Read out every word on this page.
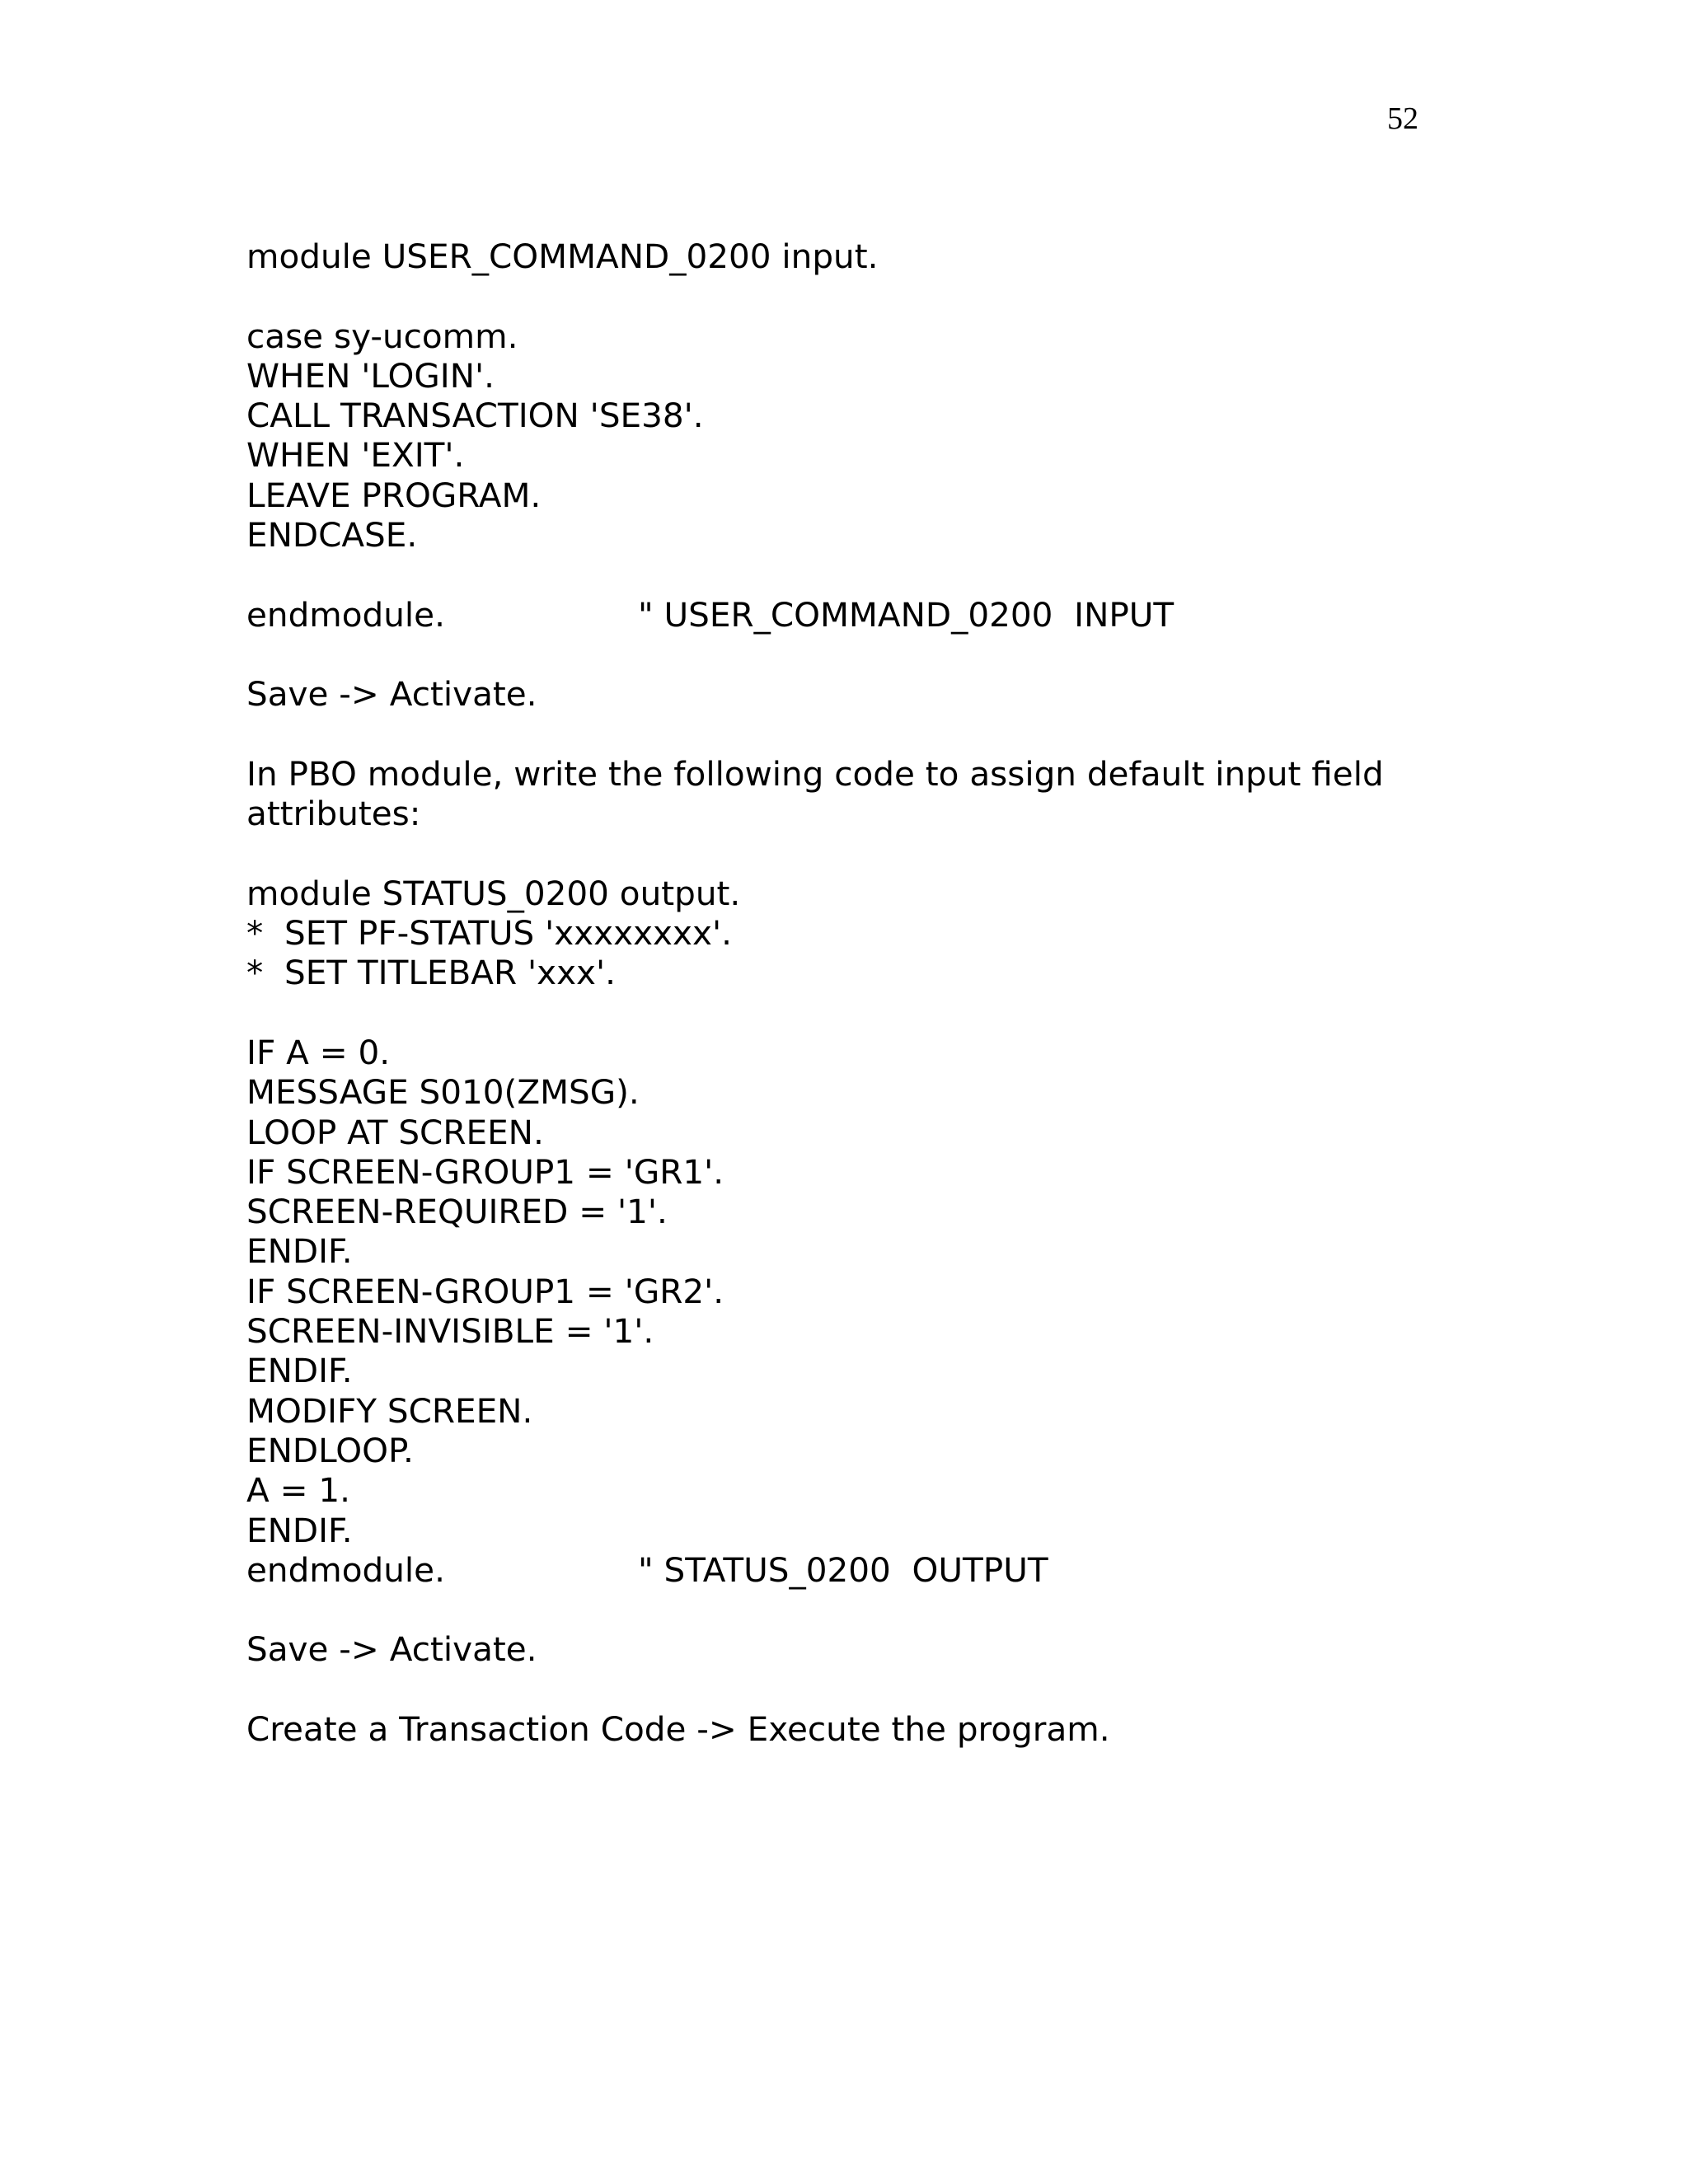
52
module USER_COMMAND_0200 input.
case sy-ucomm.
WHEN 'LOGIN'.
CALL TRANSACTION 'SE38'.
WHEN 'EXIT'.
LEAVE PROGRAM.
ENDCASE.
endmodule.	" USER_COMMAND_0200  INPUT
Save -> Activate.
In PBO module, write the following code to assign default input field attributes:
module STATUS_0200 output.
*  SET PF-STATUS 'xxxxxxxx'.
*  SET TITLEBAR 'xxx'.
IF A = 0.
MESSAGE S010(ZMSG).
LOOP AT SCREEN.
IF SCREEN-GROUP1 = 'GR1'.
SCREEN-REQUIRED = '1'.
ENDIF.
IF SCREEN-GROUP1 = 'GR2'.
SCREEN-INVISIBLE = '1'.
ENDIF.
MODIFY SCREEN.
ENDLOOP.
A = 1.
ENDIF.
endmodule.	" STATUS_0200  OUTPUT
Save -> Activate.
Create a Transaction Code -> Execute the program.
